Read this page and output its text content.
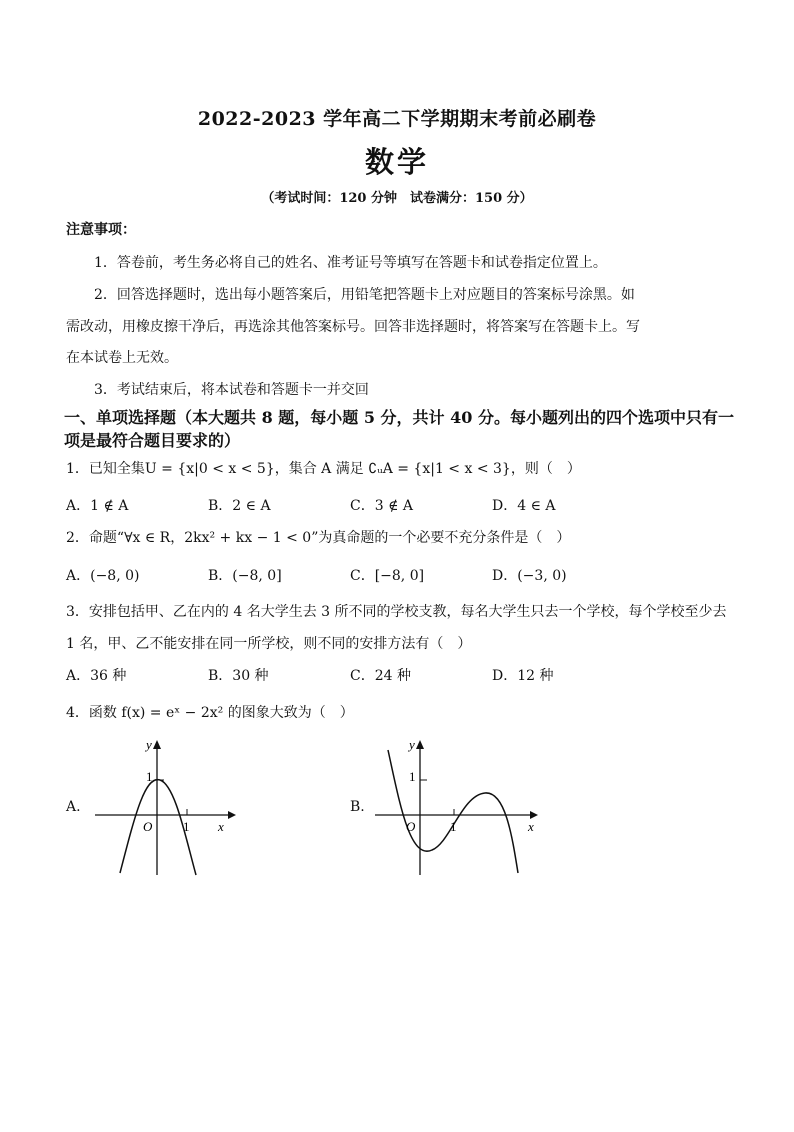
2022-2023 学年高二下学期期末考前必刷卷
数学
（考试时间：120 分钟　试卷满分：150 分）
注意事项：
1．答卷前，考生务必将自己的姓名、准考证号等填写在答题卡和试卷指定位置上。
2．回答选择题时，选出每小题答案后，用铅笔把答题卡上对应题目的答案标号涂黑。如
需改动，用橡皮擦干净后，再选涂其他答案标号。回答非选择题时，将答案写在答题卡上。写
在本试卷上无效。
3．考试结束后，将本试卷和答题卡一并交回
一、单项选择题（本大题共 8 题，每小题 5 分，共计 40 分。每小题列出的四个选项中只有一
项是最符合题目要求的）
1．已知全集U = {x|0 < x < 5}，集合 A 满足 ∁ᵤA = {x|1 < x < 3}，则（　）
A．1 ∉ A	B．2 ∈ A	C．3 ∉ A	D．4 ∈ A
2．命题“∀x ∈ R，2kx² + kx − 1 < 0”为真命题的一个必要不充分条件是（　）
A．(−8, 0)	B．(−8, 0]	C．[−8, 0]	D．(−3, 0)
3．安排包括甲、乙在内的 4 名大学生去 3 所不同的学校支教，每名大学生只去一个学校，每个学校至少去
1 名，甲、乙不能安排在同一所学校，则不同的安排方法有（　）
A．36 种	B．30 种	C．24 种	D．12 种
4．函数 f(x) = eˣ − 2x² 的图象大致为（　）
A.
y
x
O
1
1
B.
y
x
O
1
1
